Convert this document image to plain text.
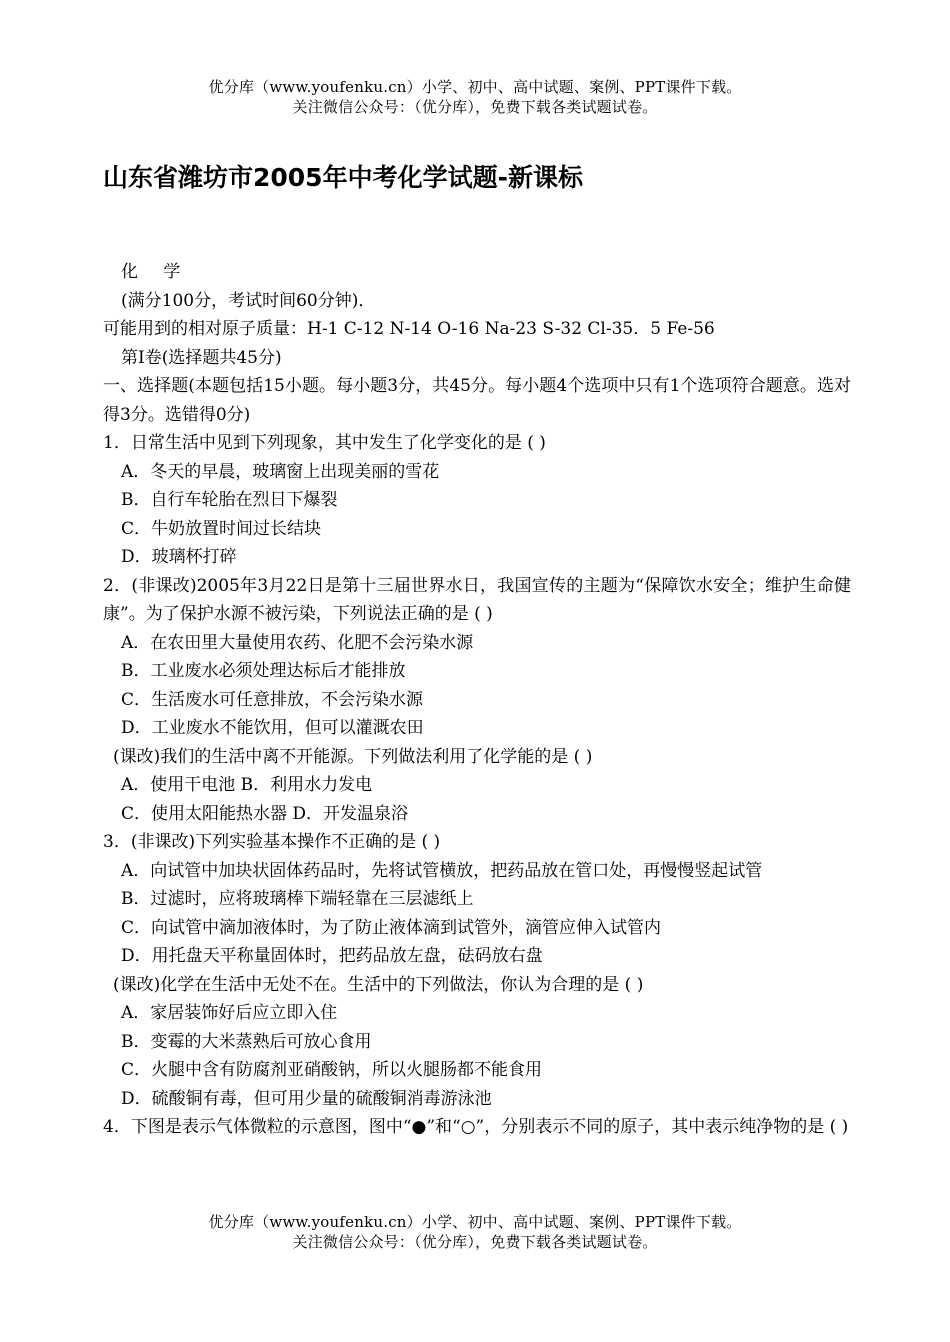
优分库（www.youfenku.cn）小学、初中、高中试题、案例、PPT课件下载。
关注微信公众号：（优分库），免费下载各类试题试卷。
山东省潍坊市2005年中考化学试题-新课标

化 学

(满分100分，考试时间60分钟)．

可能用到的相对原子质量：H-1 C-12 N-14 O-16 Na-23 S-32 Cl-35．5 Fe-56

第Ⅰ卷(选择题共45分)

一、选择题(本题包括15小题。每小题3分，共45分。每小题4个选项中只有1个选项符合题意。选对得3分。选错得0分)

1．日常生活中见到下列现象，其中发生了化学变化的是 ( )

A．冬天的早晨，玻璃窗上出现美丽的雪花

B．自行车轮胎在烈日下爆裂

C．牛奶放置时间过长结块

D．玻璃杯打碎

2．(非课改)2005年3月22日是第十三届世界水日，我国宣传的主题为“保障饮水安全；维护生命健康”。为了保护水源不被污染，下列说法正确的是 ( )

A．在农田里大量使用农药、化肥不会污染水源

B．工业废水必须处理达标后才能排放

C．生活废水可任意排放，不会污染水源

D．工业废水不能饮用，但可以灌溉农田

(课改)我们的生活中离不开能源。下列做法利用了化学能的是 ( )

A．使用干电池 B．利用水力发电

C．使用太阳能热水器 D．开发温泉浴

3．(非课改)下列实验基本操作不正确的是 ( )

A．向试管中加块状固体药品时，先将试管横放，把药品放在管口处，再慢慢竖起试管

B．过滤时，应将玻璃棒下端轻靠在三层滤纸上

C．向试管中滴加液体时，为了防止液体滴到试管外，滴管应伸入试管内

D．用托盘天平称量固体时，把药品放左盘，砝码放右盘

(课改)化学在生活中无处不在。生活中的下列做法，你认为合理的是 ( )

A．家居装饰好后应立即入住

B．变霉的大米蒸熟后可放心食用

C．火腿中含有防腐剂亚硝酸钠，所以火腿肠都不能食用

D．硫酸铜有毒，但可用少量的硫酸铜消毒游泳池

4．下图是表示气体微粒的示意图，图中“●”和“○”，分别表示不同的原子，其中表示纯净物的是 ( )

优分库（www.youfenku.cn）小学、初中、高中试题、案例、PPT课件下载。
关注微信公众号：（优分库），免费下载各类试题试卷。
